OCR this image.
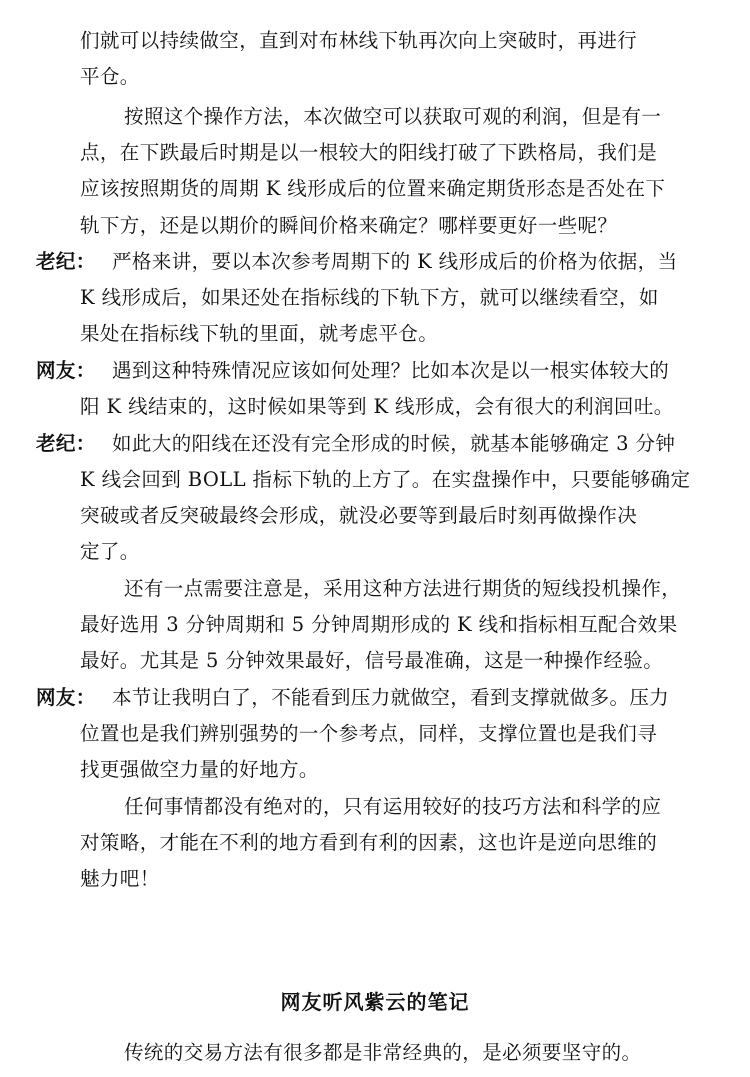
们就可以持续做空，直到对布林线下轨再次向上突破时，再进行
平仓。
按照这个操作方法，本次做空可以获取可观的利润，但是有一
点，在下跌最后时期是以一根较大的阳线打破了下跌格局，我们是
应该按照期货的周期 K 线形成后的位置来确定期货形态是否处在下
轨下方，还是以期价的瞬间价格来确定？哪样要更好一些呢？
老纪： 严格来讲，要以本次参考周期下的 K 线形成后的价格为依据，当
K 线形成后，如果还处在指标线的下轨下方，就可以继续看空，如
果处在指标线下轨的里面，就考虑平仓。
网友： 遇到这种特殊情况应该如何处理？比如本次是以一根实体较大的
阳 K 线结束的，这时候如果等到 K 线形成，会有很大的利润回吐。
老纪： 如此大的阳线在还没有完全形成的时候，就基本能够确定 3 分钟
K 线会回到 BOLL 指标下轨的上方了。在实盘操作中，只要能够确定
突破或者反突破最终会形成，就没必要等到最后时刻再做操作决
定了。
还有一点需要注意是，采用这种方法进行期货的短线投机操作，
最好选用 3 分钟周期和 5 分钟周期形成的 K 线和指标相互配合效果
最好。尤其是 5 分钟效果最好，信号最准确，这是一种操作经验。
网友： 本节让我明白了，不能看到压力就做空，看到支撑就做多。压力
位置也是我们辨别强势的一个参考点，同样，支撑位置也是我们寻
找更强做空力量的好地方。
任何事情都没有绝对的，只有运用较好的技巧方法和科学的应
对策略，才能在不利的地方看到有利的因素，这也许是逆向思维的
魅力吧！
网友听风紫云的笔记
传统的交易方法有很多都是非常经典的，是必须要坚守的。
